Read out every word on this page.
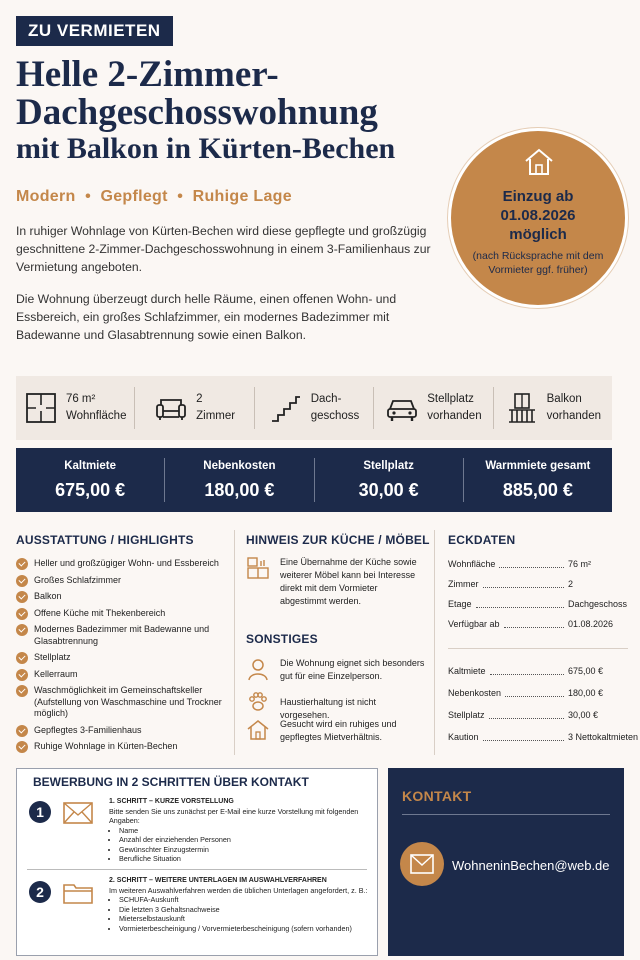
ZU VERMIETEN
Helle 2-Zimmer-
Dachgeschosswohnung
mit Balkon in Kürten-Bechen
Modern  •  Gepflegt  •  Ruhige Lage

In ruhiger Wohnlage von Kürten-Bechen wird diese gepflegte und großzügig geschnittene 2-Zimmer-Dachgeschosswohnung in einem 3-Familienhaus zur Vermietung angeboten.

Die Wohnung überzeugt durch helle Räume, einen offenen Wohn- und Essbereich, ein großes Schlafzimmer, ein modernes Badezimmer mit Badewanne und Glasabtrennung sowie einen Balkon.

Einzug ab
01.08.2026
möglich
(nach Rücksprache mit dem Vormieter ggf. früher)
76 m²
Wohnfläche
2
Zimmer
Dach-
geschoss
Stellplatz
vorhanden
Balkon
vorhanden
Kaltmiete
675,00 €
Nebenkosten
180,00 €
Stellplatz
30,00 €
Warmmiete gesamt
885,00 €
AUSSTATTUNG / HIGHLIGHTS
Heller und großzügiger Wohn- und Essbereich
Großes Schlafzimmer
Balkon
Offene Küche mit Thekenbereich
Modernes Badezimmer mit Badewanne und Glasabtrennung
Stellplatz
Kellerraum
Waschmöglichkeit im Gemeinschaftskeller (Aufstellung von Waschmaschine und Trockner möglich)
Gepflegtes 3-Familienhaus
Ruhige Wohnlage in Kürten-Bechen
HINWEIS ZUR KÜCHE / MÖBEL
Eine Übernahme der Küche sowie weiterer Möbel kann bei Interesse direkt mit dem Vormieter abgestimmt werden.
SONSTIGES
Die Wohnung eignet sich besonders gut für eine Einzelperson.
Haustierhaltung ist nicht vorgesehen.
Gesucht wird ein ruhiges und gepflegtes Mietverhältnis.
ECKDATEN
Wohnfläche	76 m²
Zimmer	2
Etage	Dachgeschoss
Verfügbar ab	01.08.2026
Kaltmiete	675,00 €
Nebenkosten	180,00 €
Stellplatz	30,00 €
Kaution	3 Nettokaltmieten
BEWERBUNG IN 2 SCHRITTEN ÜBER KONTAKT
1
1. SCHRITT – KURZE VORSTELLUNG
Bitte senden Sie uns zunächst per E-Mail eine kurze Vorstellung mit folgenden Angaben:
• Name
• Anzahl der einziehenden Personen
• Gewünschter Einzugstermin
• Berufliche Situation
2
2. SCHRITT – WEITERE UNTERLAGEN IM AUSWAHLVERFAHREN
Im weiteren Auswahlverfahren werden die üblichen Unterlagen angefordert, z. B.:
• SCHUFA-Auskunft
• Die letzten 3 Gehaltsnachweise
• Mieterselbstauskunft
• Vormieterbescheinigung / Vorvermieterbescheinigung (sofern vorhanden)
KONTAKT
WohneninBechen@web.de
